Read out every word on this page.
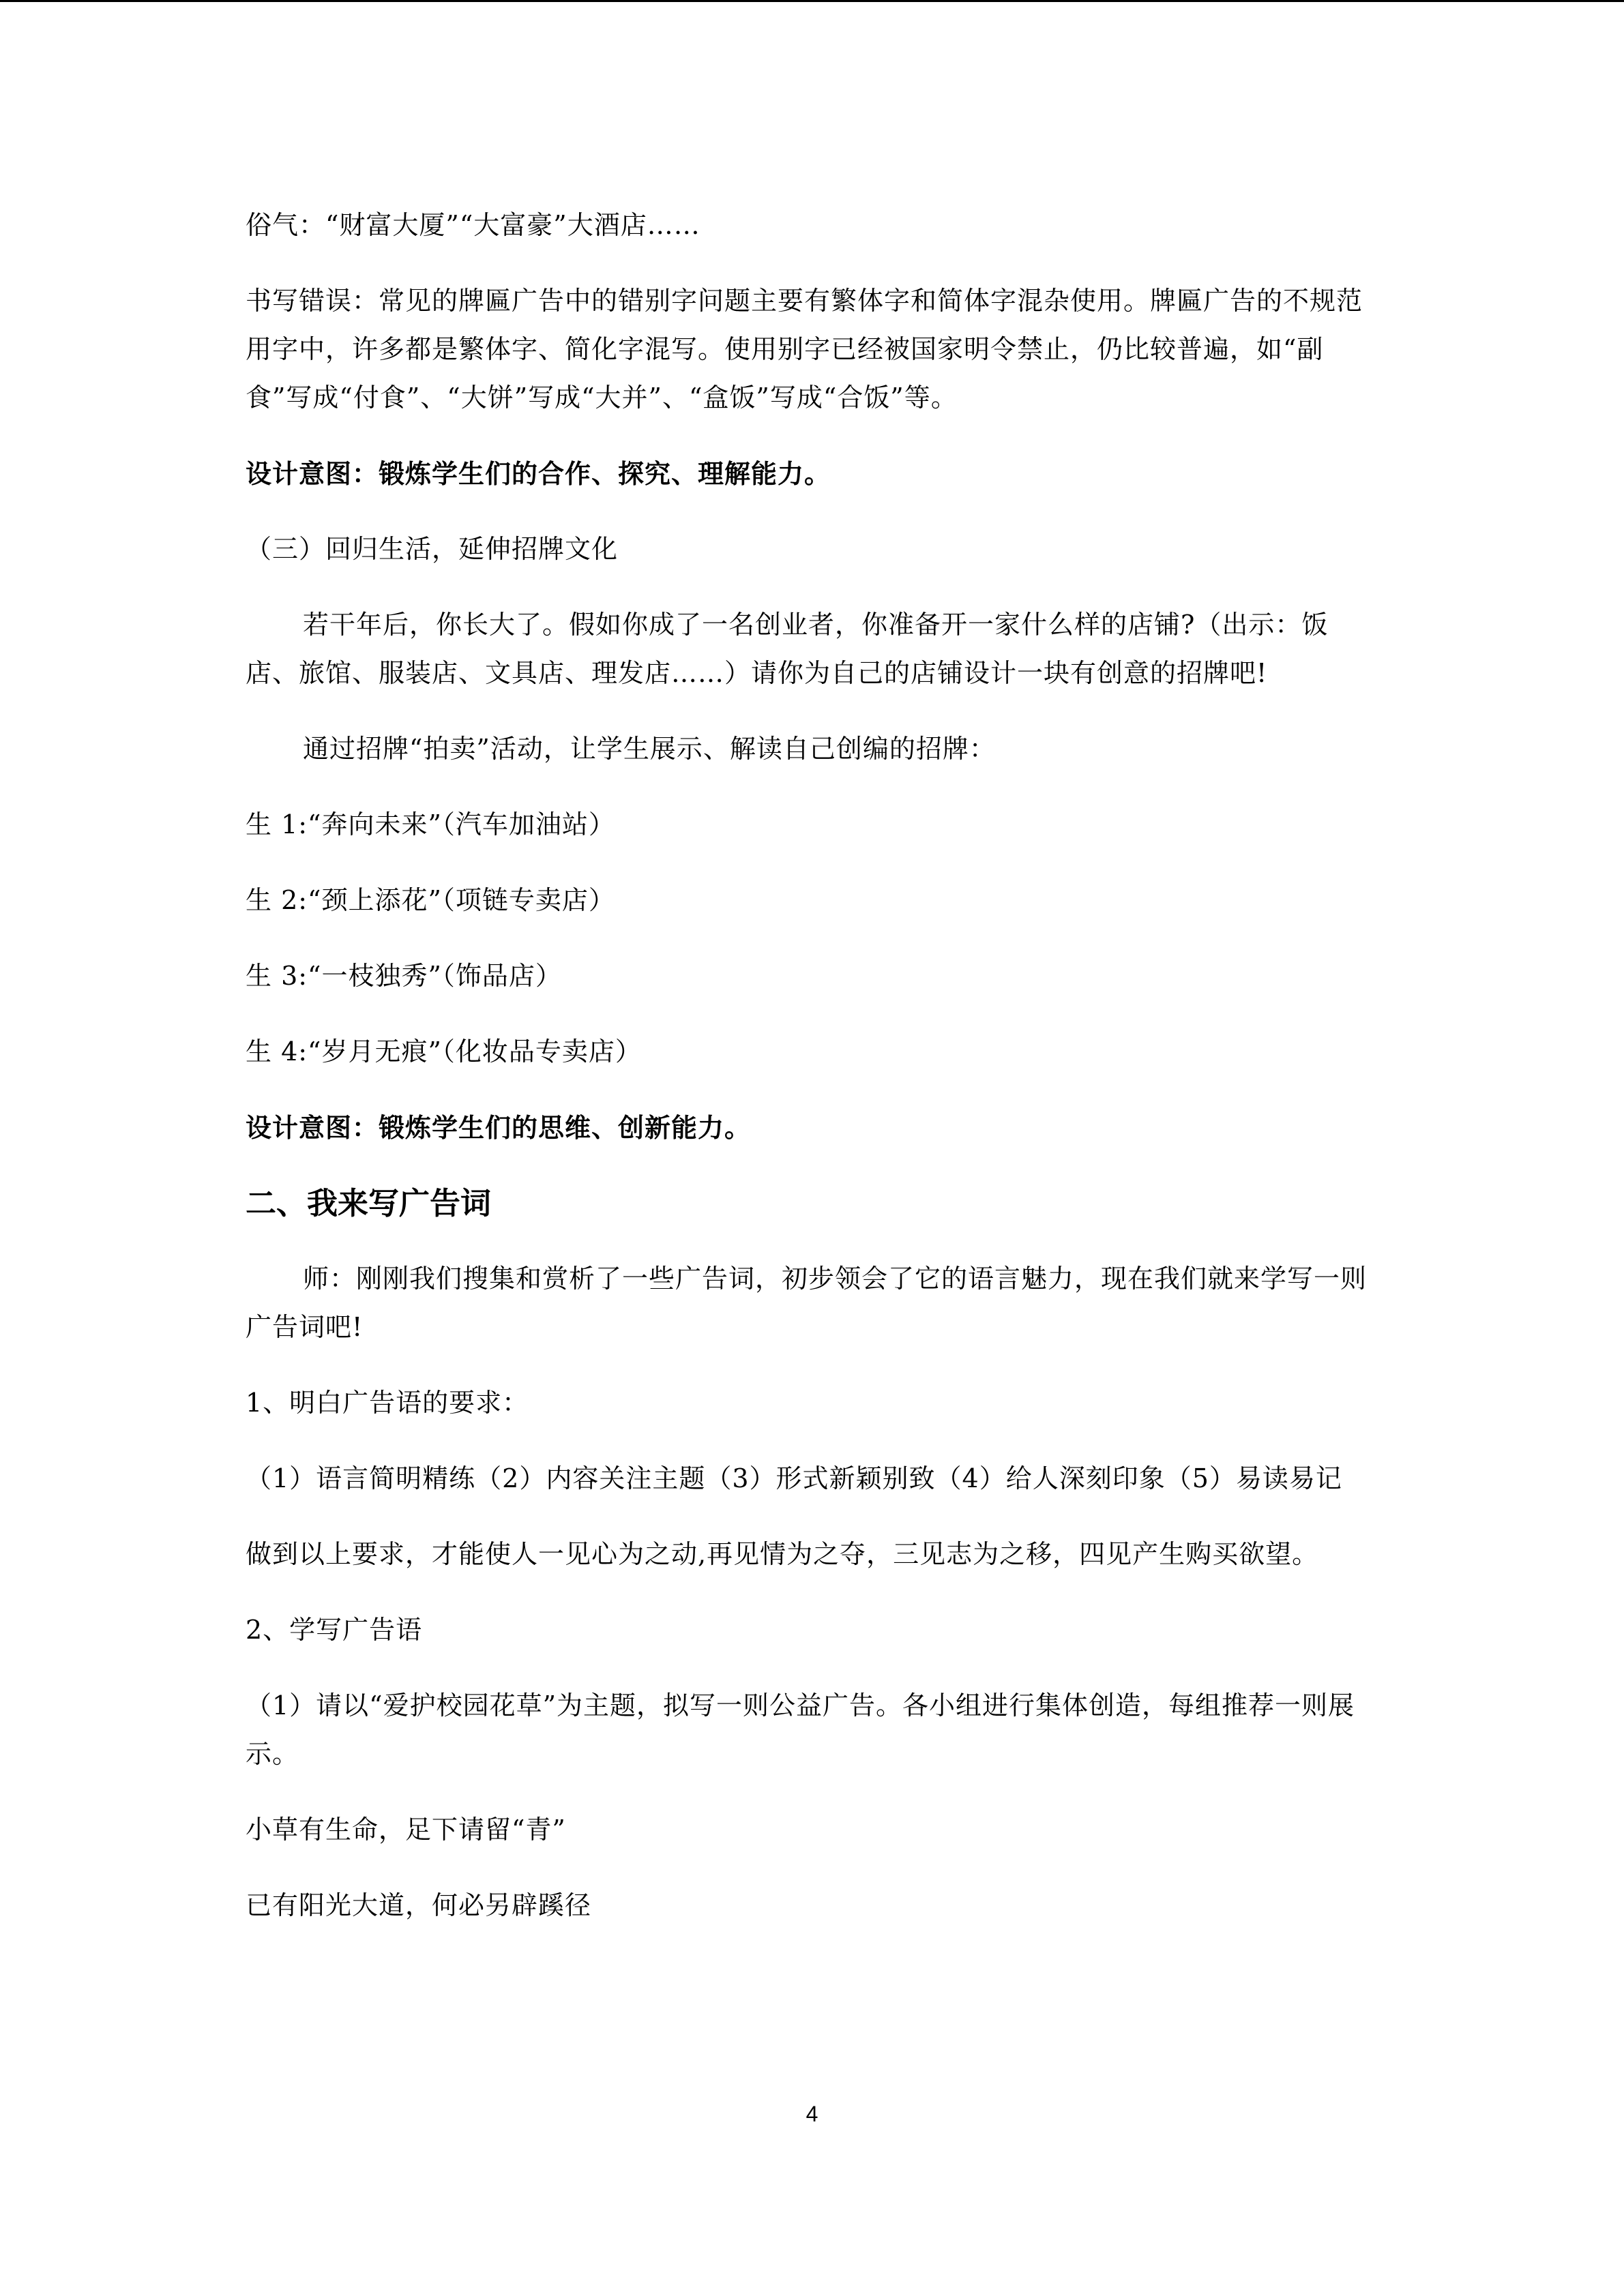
俗气：“财富大厦”“大富豪”大酒店……

书写错误：常见的牌匾广告中的错别字问题主要有繁体字和简体字混杂使用。牌匾广告的不规范用字中，许多都是繁体字、简化字混写。使用别字已经被国家明令禁止，仍比较普遍，如“副食”写成“付食”、“大饼”写成“大并”、“盒饭”写成“合饭”等。

设计意图：锻炼学生们的合作、探究、理解能力。

（三）回归生活，延伸招牌文化

若干年后，你长大了。假如你成了一名创业者，你准备开一家什么样的店铺?（出示：饭店、旅馆、服装店、文具店、理发店……）请你为自己的店铺设计一块有创意的招牌吧!

通过招牌“拍卖”活动，让学生展示、解读自己创编的招牌：

生 1:“奔向未来”（汽车加油站）

生 2:“颈上添花”（项链专卖店）

生 3:“一枝独秀”（饰品店）

生 4:“岁月无痕”（化妆品专卖店）

设计意图：锻炼学生们的思维、创新能力。

二、我来写广告词

师：刚刚我们搜集和赏析了一些广告词，初步领会了它的语言魅力，现在我们就来学写一则广告词吧!

1、明白广告语的要求：

（1）语言简明精练（2）内容关注主题（3）形式新颖别致（4）给人深刻印象（5）易读易记

做到以上要求，才能使人一见心为之动,再见情为之夺，三见志为之移，四见产生购买欲望。

2、学写广告语

（1）请以“爱护校园花草”为主题，拟写一则公益广告。各小组进行集体创造，每组推荐一则展示。

小草有生命，足下请留“青”

已有阳光大道，何必另辟蹊径

4
